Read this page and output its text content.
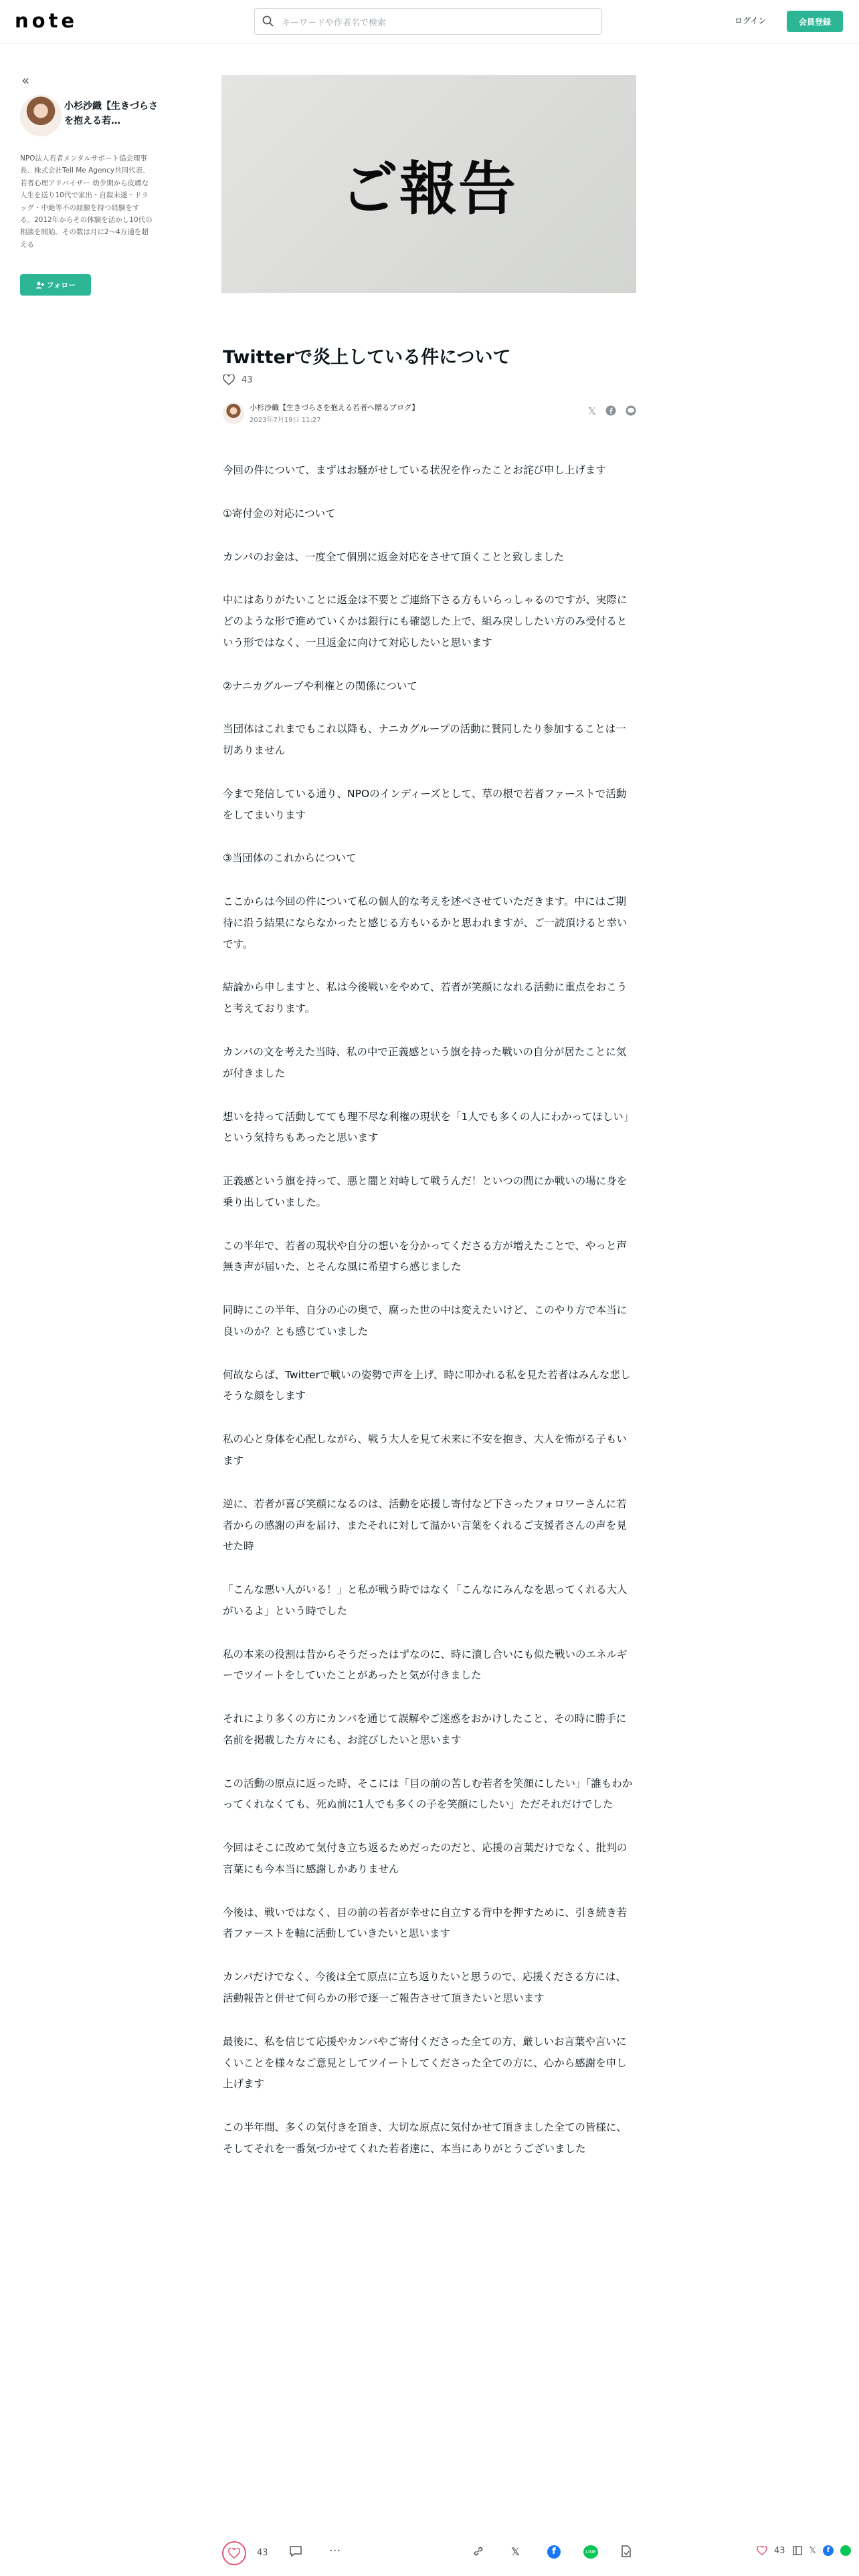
note	キーワードや作者名で検索	ログイン	会員登録
«
小杉沙織【生きづらさを抱える若…
NPO法人若者メンタルサポート協会理事長、株式会社Tell Me Agency共同代表、若者心理アドバイザー 幼少期から皮膚な人生を送り10代で家出・自殺未遂・ドラッグ・中絶等不の経験を持つ経験をする。2012年からその体験を活かし10代の相談を開始。その数は月に2〜4万通を超える
フォロー
ご報告
Twitterで炎上している件について
43
小杉沙織【生きづらさを抱える若者へ贈るブログ】
2023年7月19日 11:27
𝕏

今回の件について、まずはお騒がせしている状況を作ったことお詫び申し上げます

①寄付金の対応について

カンパのお金は、一度全て個別に返金対応をさせて頂くことと致しました

中にはありがたいことに返金は不要とご連絡下さる方もいらっしゃるのですが、実際にどのような形で進めていくかは銀行にも確認した上で、組み戻ししたい方のみ受付るという形ではなく、一旦返金に向けて対応したいと思います

②ナニカグループや利権との関係について

当団体はこれまでもこれ以降も、ナニカグループの活動に賛同したり参加することは一切ありません

今まで発信している通り、NPOのインディーズとして、草の根で若者ファーストで活動をしてまいります

③当団体のこれからについて

ここからは今回の件について私の個人的な考えを述べさせていただきます。中にはご期待に沿う結果にならなかったと感じる方もいるかと思われますが、ご一読頂けると幸いです。

結論から申しますと、私は今後戦いをやめて、若者が笑顔になれる活動に重点をおこうと考えております。

カンパの文を考えた当時、私の中で正義感という旗を持った戦いの自分が居たことに気が付きました

想いを持って活動してても理不尽な利権の現状を「1人でも多くの人にわかってほしい」という気持ちもあったと思います

正義感という旗を持って、悪と闇と対峙して戦うんだ！といつの間にか戦いの場に身を乗り出していました。

この半年で、若者の現状や自分の想いを分かってくださる方が増えたことで、やっと声無き声が届いた、とそんな風に希望すら感じました

同時にこの半年、自分の心の奥で、腐った世の中は変えたいけど、このやり方で本当に良いのか？とも感じていました

何故ならば、Twitterで戦いの姿勢で声を上げ、時に叩かれる私を見た若者はみんな悲しそうな顔をします

私の心と身体を心配しながら、戦う大人を見て未来に不安を抱き、大人を怖がる子もいます

逆に、若者が喜び笑顔になるのは、活動を応援し寄付など下さったフォロワーさんに若者からの感謝の声を届け、またそれに対して温かい言葉をくれるご支援者さんの声を見せた時

「こんな悪い人がいる！」と私が戦う時ではなく「こんなにみんなを思ってくれる大人がいるよ」という時でした

私の本来の役割は昔からそうだったはずなのに、時に潰し合いにも似た戦いのエネルギーでツイートをしていたことがあったと気が付きました

それにより多くの方にカンパを通じて誤解やご迷惑をおかけしたこと、その時に勝手に名前を掲載した方々にも、お詫びしたいと思います

この活動の原点に返った時、そこには「目の前の苦しむ若者を笑顔にしたい」「誰もわかってくれなくても、死ぬ前に1人でも多くの子を笑顔にしたい」ただそれだけでした

今回はそこに改めて気付き立ち返るためだったのだと、応援の言葉だけでなく、批判の言葉にも今本当に感謝しかありません

今後は、戦いではなく、目の前の若者が幸せに自立する背中を押すために、引き続き若者ファーストを軸に活動していきたいと思います

カンパだけでなく、今後は全て原点に立ち返りたいと思うので、応援くださる方には、活動報告と併せて何らかの形で逐一ご報告させて頂きたいと思います

最後に、私を信じて応援やカンパやご寄付くださった全ての方、厳しいお言葉や言いにくいことを様々なご意見としてツイートしてくださった全ての方に、心から感謝を申し上げます

この半年間、多くの気付きを頂き、大切な原点に気付かせて頂きました全ての皆様に、そしてそれを一番気づかせてくれた若者達に、本当にありがとうございました

43	···	𝕏	f	LINE	43	𝕏	f
